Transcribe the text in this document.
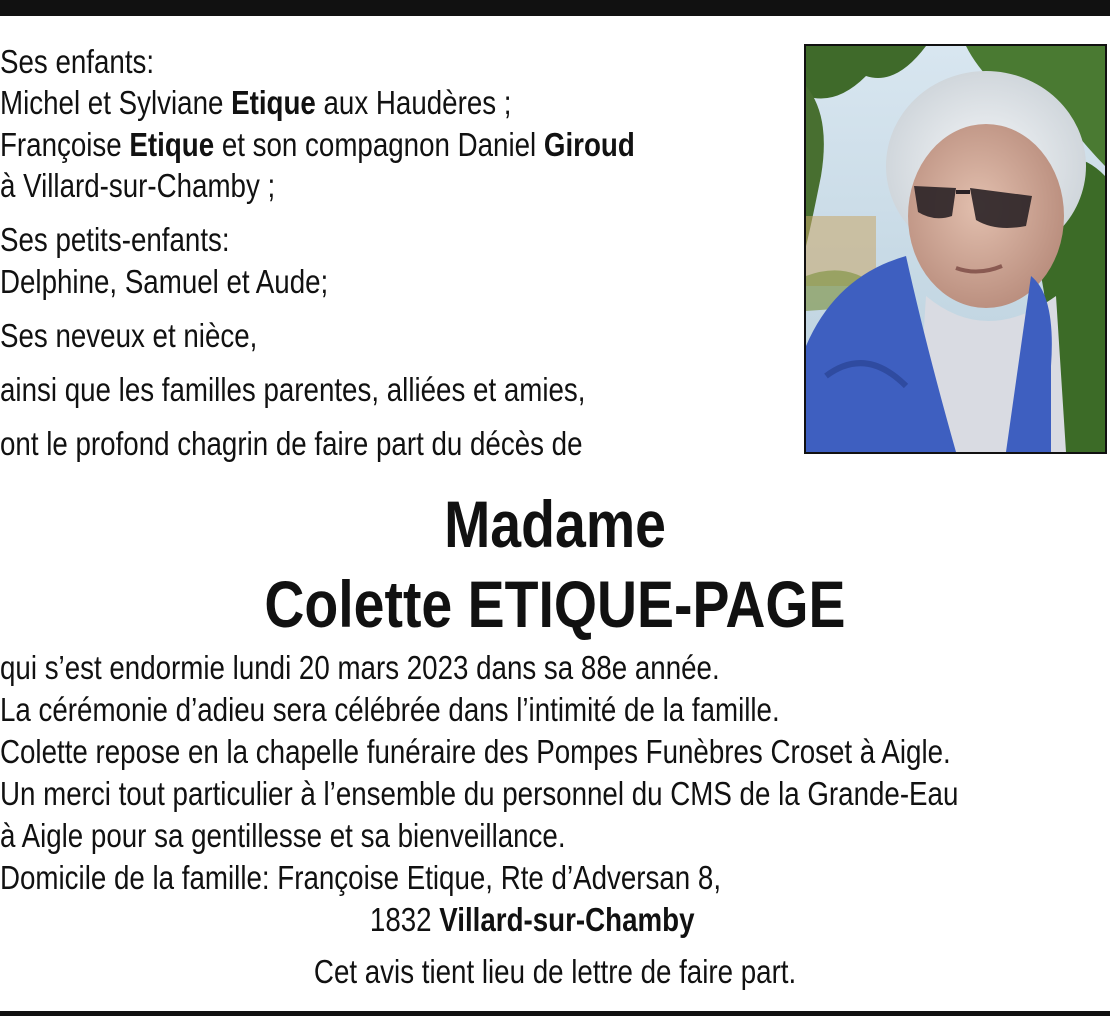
Ses enfants:
Michel et Sylviane Etique aux Haudères ;
Françoise Etique et son compagnon Daniel Giroud
à Villard-sur-Chamby ;
Ses petits-enfants:
Delphine, Samuel et Aude;
Ses neveux et nièce,
ainsi que les familles parentes, alliées et amies,
ont le profond chagrin de faire part du décès de
Madame
Colette ETIQUE-PAGE
qui s’est endormie lundi 20 mars 2023 dans sa 88e année.
La cérémonie d’adieu sera célébrée dans l’intimité de la famille.
Colette repose en la chapelle funéraire des Pompes Funèbres Croset à Aigle.
Un merci tout particulier à l’ensemble du personnel du CMS de la Grande-Eau
à Aigle pour sa gentillesse et sa bienveillance.
Domicile de la famille: Françoise Etique, Rte d’Adversan 8,
1832 Villard-sur-Chamby
Cet avis tient lieu de lettre de faire part.
